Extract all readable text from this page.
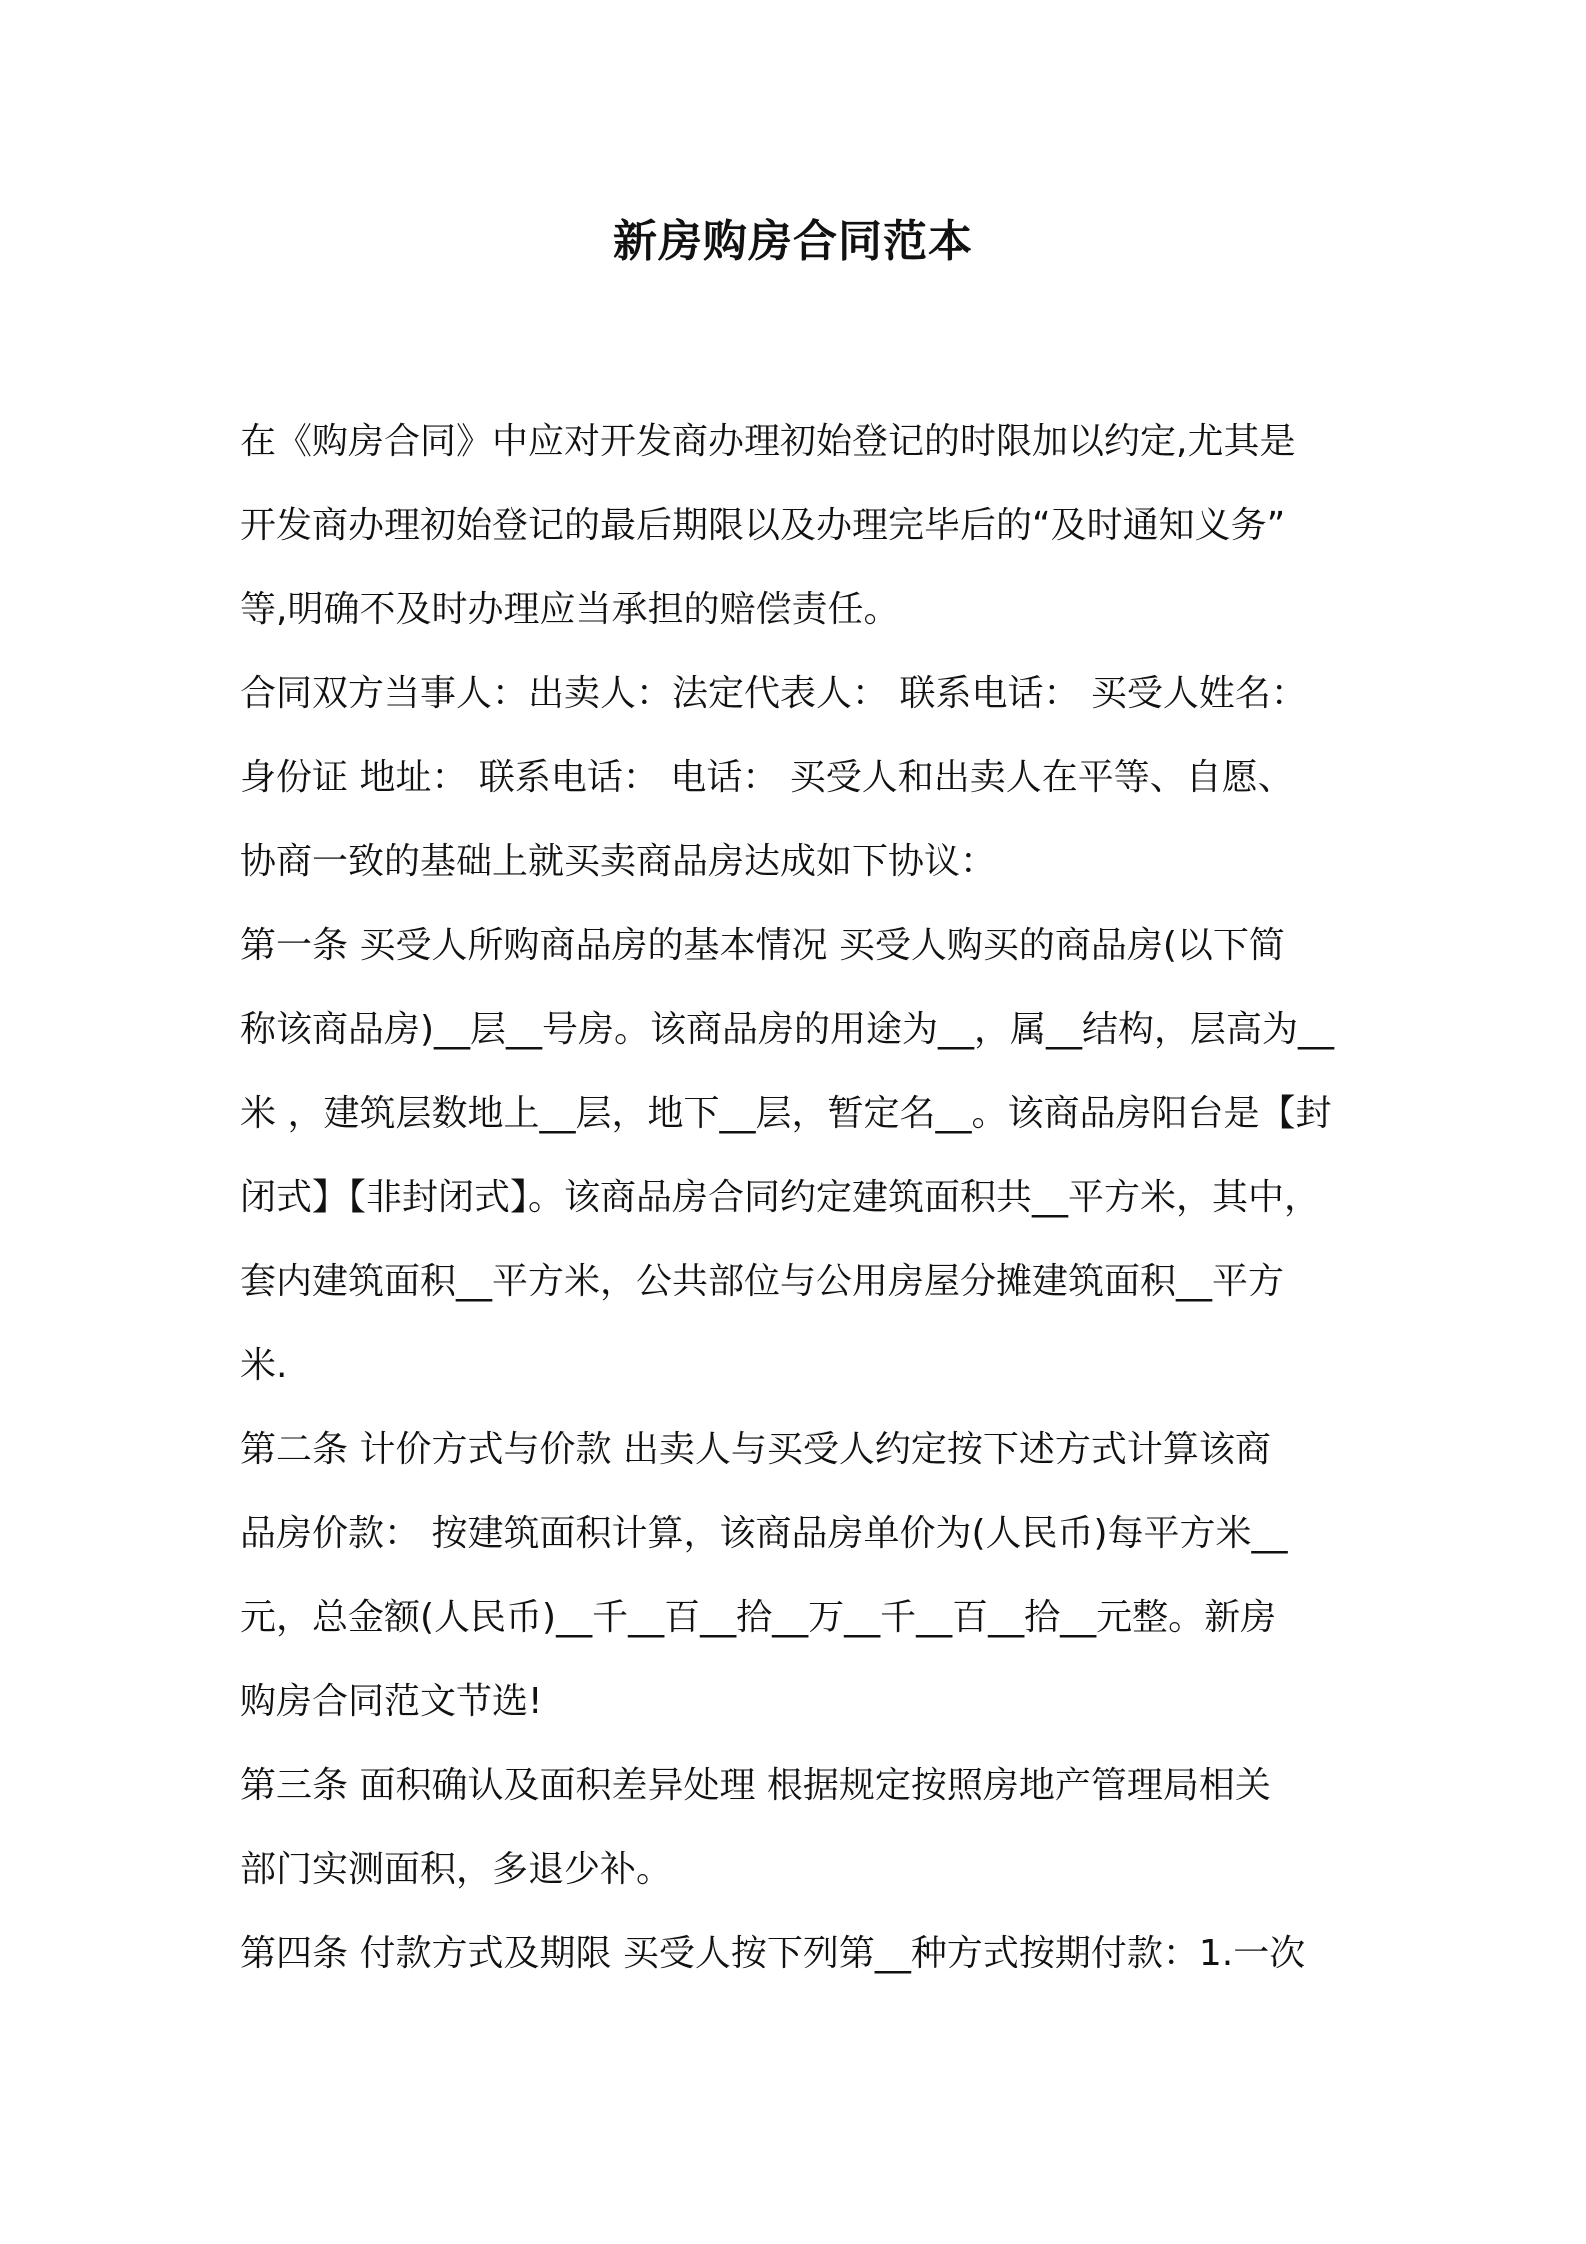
新房购房合同范本
在《购房合同》中应对开发商办理初始登记的时限加以约定,尤其是
开发商办理初始登记的最后期限以及办理完毕后的“及时通知义务”
等,明确不及时办理应当承担的赔偿责任。
合同双方当事人：出卖人：法定代表人： 联系电话： 买受人姓名：
身份证 地址： 联系电话： 电话： 买受人和出卖人在平等、自愿、
协商一致的基础上就买卖商品房达成如下协议：
第一条 买受人所购商品房的基本情况 买受人购买的商品房(以下简
称该商品房)__层__号房。该商品房的用途为__，属__结构，层高为__
米 ，建筑层数地上__层，地下__层，暂定名__。该商品房阳台是【封
闭式】【非封闭式】。该商品房合同约定建筑面积共__平方米，其中，
套内建筑面积__平方米，公共部位与公用房屋分摊建筑面积__平方
米.
第二条 计价方式与价款 出卖人与买受人约定按下述方式计算该商
品房价款： 按建筑面积计算，该商品房单价为(人民币)每平方米__
元，总金额(人民币)__千__百__拾__万__千__百__拾__元整。新房
购房合同范文节选!
第三条 面积确认及面积差异处理 根据规定按照房地产管理局相关
部门实测面积，多退少补。
第四条 付款方式及期限 买受人按下列第__种方式按期付款：1.一次
